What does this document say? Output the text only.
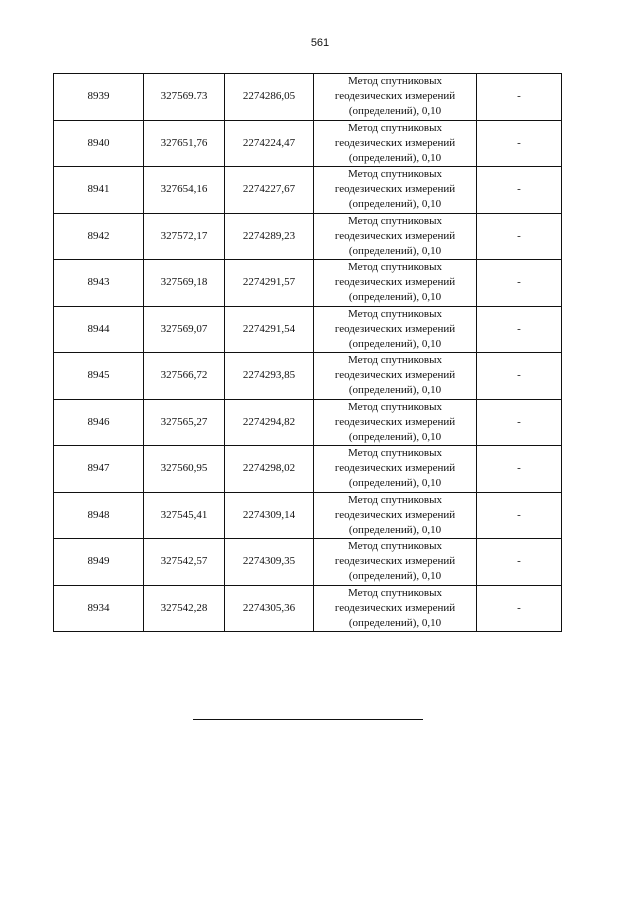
561
8939	327569.73	2274286,05	Метод спутниковых
геодезических измерений
(определений), 0,10	-
8940	327651,76	2274224,47	Метод спутниковых
геодезических измерений
(определений), 0,10	-
8941	327654,16	2274227,67	Метод спутниковых
геодезических измерений
(определений), 0,10	-
8942	327572,17	2274289,23	Метод спутниковых
геодезических измерений
(определений), 0,10	-
8943	327569,18	2274291,57	Метод спутниковых
геодезических измерений
(определений), 0,10	-
8944	327569,07	2274291,54	Метод спутниковых
геодезических измерений
(определений), 0,10	-
8945	327566,72	2274293,85	Метод спутниковых
геодезических измерений
(определений), 0,10	-
8946	327565,27	2274294,82	Метод спутниковых
геодезических измерений
(определений), 0,10	-
8947	327560,95	2274298,02	Метод спутниковых
геодезических измерений
(определений), 0,10	-
8948	327545,41	2274309,14	Метод спутниковых
геодезических измерений
(определений), 0,10	-
8949	327542,57	2274309,35	Метод спутниковых
геодезических измерений
(определений), 0,10	-
8934	327542,28	2274305,36	Метод спутниковых
геодезических измерений
(определений), 0,10	-
